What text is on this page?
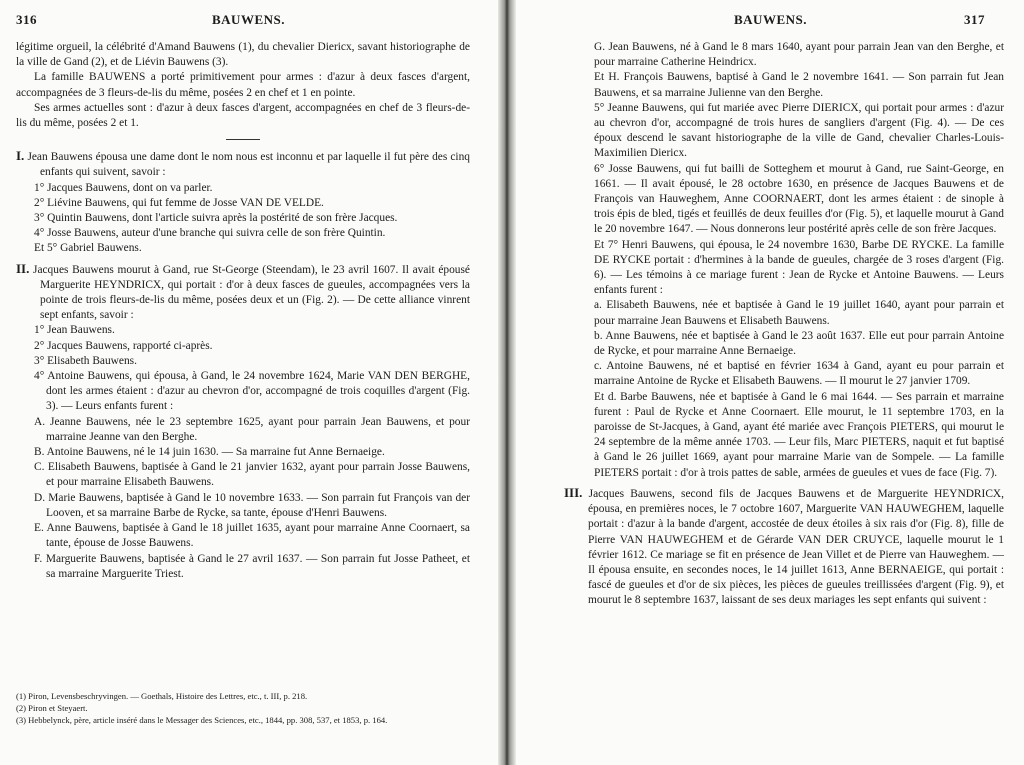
316	BAUWENS.

légitime orgueil, la célébrité d'Amand Bauwens (1), du chevalier Diericx, savant historiographe de la ville de Gand (2), et de Liévin Bauwens (3).

La famille BAUWENS a porté primitivement pour armes : d'azur à deux fasces d'argent, accompagnées de 3 fleurs-de-lis du même, posées 2 en chef et 1 en pointe.

Ses armes actuelles sont : d'azur à deux fasces d'argent, accompagnées en chef de 3 fleurs-de-lis du même, posées 2 et 1.

I. Jean Bauwens épousa une dame dont le nom nous est inconnu et par laquelle il fut père des cinq enfants qui suivent, savoir :

1° Jacques Bauwens, dont on va parler.

2° Liévine Bauwens, qui fut femme de Josse VAN DE VELDE.

3° Quintin Bauwens, dont l'article suivra après la postérité de son frère Jacques.

4° Josse Bauwens, auteur d'une branche qui suivra celle de son frère Quintin.

Et 5° Gabriel Bauwens.

II. Jacques Bauwens mourut à Gand, rue St-George (Steendam), le 23 avril 1607. Il avait épousé Marguerite HEYNDRICX, qui portait : d'or à deux fasces de gueules, accompagnées vers la pointe de trois fleurs-de-lis du même, posées deux et un (Fig. 2). — De cette alliance vinrent sept enfants, savoir :

1° Jean Bauwens.

2° Jacques Bauwens, rapporté ci-après.

3° Elisabeth Bauwens.

4° Antoine Bauwens, qui épousa, à Gand, le 24 novembre 1624, Marie VAN DEN BERGHE, dont les armes étaient : d'azur au chevron d'or, accompagné de trois coquilles d'argent (Fig. 3). — Leurs enfants furent :

A. Jeanne Bauwens, née le 23 septembre 1625, ayant pour parrain Jean Bauwens, et pour marraine Jeanne van den Berghe.

B. Antoine Bauwens, né le 14 juin 1630. — Sa marraine fut Anne Bernaeige.

C. Elisabeth Bauwens, baptisée à Gand le 21 janvier 1632, ayant pour parrain Josse Bauwens, et pour marraine Elisabeth Bauwens.

D. Marie Bauwens, baptisée à Gand le 10 novembre 1633. — Son parrain fut François van der Looven, et sa marraine Barbe de Rycke, sa tante, épouse d'Henri Bauwens.

E. Anne Bauwens, baptisée à Gand le 18 juillet 1635, ayant pour marraine Anne Coornaert, sa tante, épouse de Josse Bauwens.

F. Marguerite Bauwens, baptisée à Gand le 27 avril 1637. — Son parrain fut Josse Patheet, et sa marraine Marguerite Triest.

(1) Piron, Levensbeschryvingen. — Goethals, Histoire des Lettres, etc., t. III, p. 218.

(2) Piron et Steyaert.

(3) Hebbelynck, père, article inséré dans le Messager des Sciences, etc., 1844, pp. 308, 537, et 1853, p. 164.

BAUWENS.	317

G. Jean Bauwens, né à Gand le 8 mars 1640, ayant pour parrain Jean van den Berghe, et pour marraine Catherine Heindricx.

Et H. François Bauwens, baptisé à Gand le 2 novembre 1641. — Son parrain fut Jean Bauwens, et sa marraine Julienne van den Berghe.

5° Jeanne Bauwens, qui fut mariée avec Pierre DIERICX, qui portait pour armes : d'azur au chevron d'or, accompagné de trois hures de sangliers d'argent (Fig. 4). — De ces époux descend le savant historiographe de la ville de Gand, chevalier Charles-Louis-Maximilien Diericx.

6° Josse Bauwens, qui fut bailli de Sotteghem et mourut à Gand, rue Saint-George, en 1661. — Il avait épousé, le 28 octobre 1630, en présence de Jacques Bauwens et de François van Hauweghem, Anne COORNAERT, dont les armes étaient : de sinople à trois épis de bled, tigés et feuillés de deux feuilles d'or (Fig. 5), et laquelle mourut à Gand le 20 novembre 1647. — Nous donnerons leur postérité après celle de son frère Jacques.

Et 7° Henri Bauwens, qui épousa, le 24 novembre 1630, Barbe DE RYCKE. La famille DE RYCKE portait : d'hermines à la bande de gueules, chargée de 3 roses d'argent (Fig. 6). — Les témoins à ce mariage furent : Jean de Rycke et Antoine Bauwens. — Leurs enfants furent :

a. Elisabeth Bauwens, née et baptisée à Gand le 19 juillet 1640, ayant pour parrain et pour marraine Jean Bauwens et Elisabeth Bauwens.

b. Anne Bauwens, née et baptisée à Gand le 23 août 1637. Elle eut pour parrain Antoine de Rycke, et pour marraine Anne Bernaeige.

c. Antoine Bauwens, né et baptisé en février 1634 à Gand, ayant eu pour parrain et marraine Antoine de Rycke et Elisabeth Bauwens. — Il mourut le 27 janvier 1709.

Et d. Barbe Bauwens, née et baptisée à Gand le 6 mai 1644. — Ses parrain et marraine furent : Paul de Rycke et Anne Coornaert. Elle mourut, le 11 septembre 1703, en la paroisse de St-Jacques, à Gand, ayant été mariée avec François PIETERS, qui mourut le 24 septembre de la même année 1703. — Leur fils, Marc PIETERS, naquit et fut baptisé à Gand le 26 juillet 1669, ayant pour marraine Marie van de Sompele. — La famille PIETERS portait : d'or à trois pattes de sable, armées de gueules et vues de face (Fig. 7).

III. Jacques Bauwens, second fils de Jacques Bauwens et de Marguerite HEYNDRICX, épousa, en premières noces, le 7 octobre 1607, Marguerite VAN HAUWEGHEM, laquelle portait : d'azur à la bande d'argent, accostée de deux étoiles à six rais d'or (Fig. 8), fille de Pierre VAN HAUWEGHEM et de Gérarde VAN DER CRUYCE, laquelle mourut le 1 février 1612. Ce mariage se fit en présence de Jean Villet et de Pierre van Hauweghem. — Il épousa ensuite, en secondes noces, le 14 juillet 1613, Anne BERNAEIGE, qui portait : fascé de gueules et d'or de six pièces, les pièces de gueules treillissées d'argent (Fig. 9), et mourut le 8 septembre 1637, laissant de ses deux mariages les sept enfants qui suivent :
